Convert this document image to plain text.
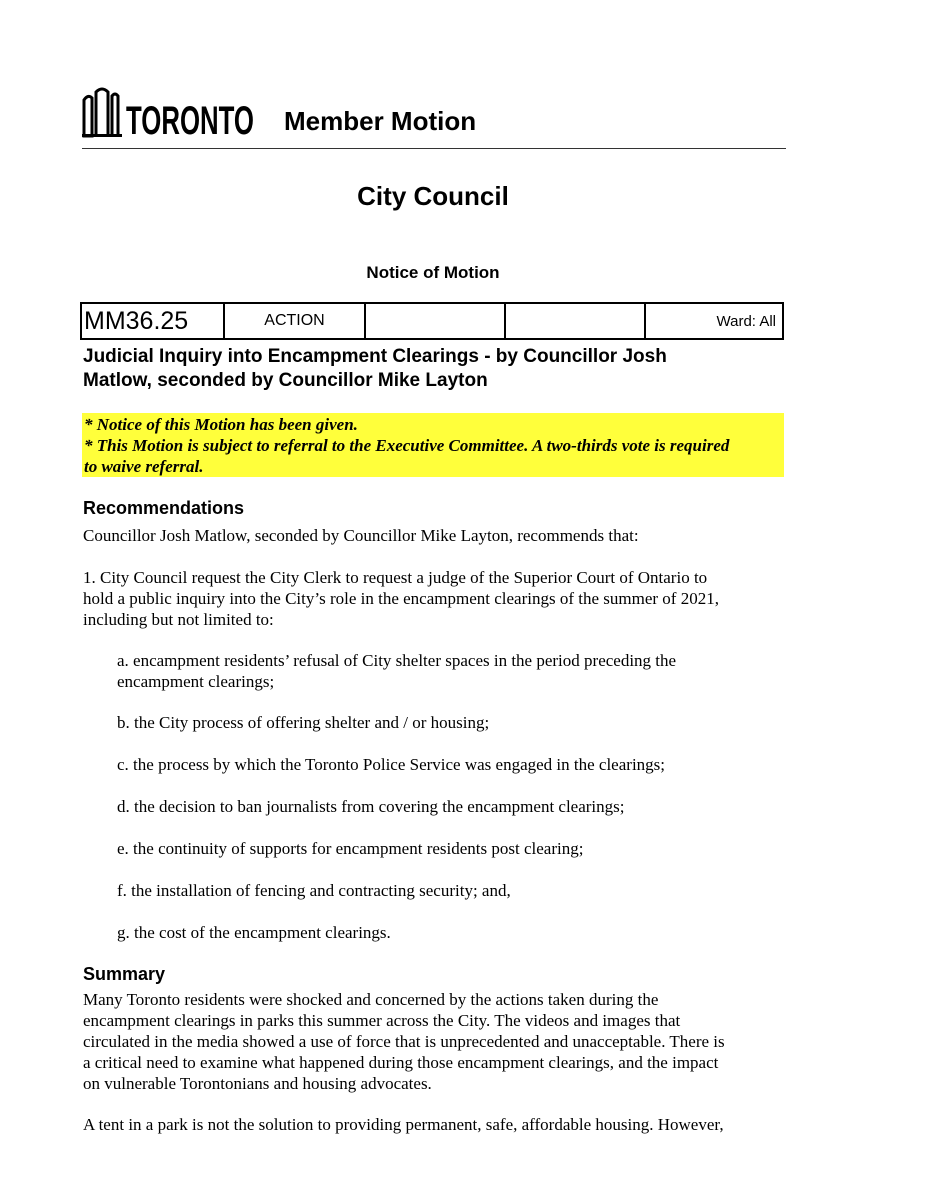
TORONTO Member Motion
City Council
Notice of Motion
MM36.25	ACTION	Ward: All
Judicial Inquiry into Encampment Clearings - by Councillor Josh
Matlow, seconded by Councillor Mike Layton
* Notice of this Motion has been given.
* This Motion is subject to referral to the Executive Committee. A two-thirds vote is required
to waive referral.
Recommendations
Councillor Josh Matlow, seconded by Councillor Mike Layton, recommends that:
1. City Council request the City Clerk to request a judge of the Superior Court of Ontario to
hold a public inquiry into the City’s role in the encampment clearings of the summer of 2021,
including but not limited to:
a. encampment residents’ refusal of City shelter spaces in the period preceding the
encampment clearings;
b. the City process of offering shelter and / or housing;
c. the process by which the Toronto Police Service was engaged in the clearings;
d. the decision to ban journalists from covering the encampment clearings;
e. the continuity of supports for encampment residents post clearing;
f. the installation of fencing and contracting security; and,
g. the cost of the encampment clearings.
Summary
Many Toronto residents were shocked and concerned by the actions taken during the
encampment clearings in parks this summer across the City. The videos and images that
circulated in the media showed a use of force that is unprecedented and unacceptable. There is
a critical need to examine what happened during those encampment clearings, and the impact
on vulnerable Torontonians and housing advocates.
A tent in a park is not the solution to providing permanent, safe, affordable housing. However,
